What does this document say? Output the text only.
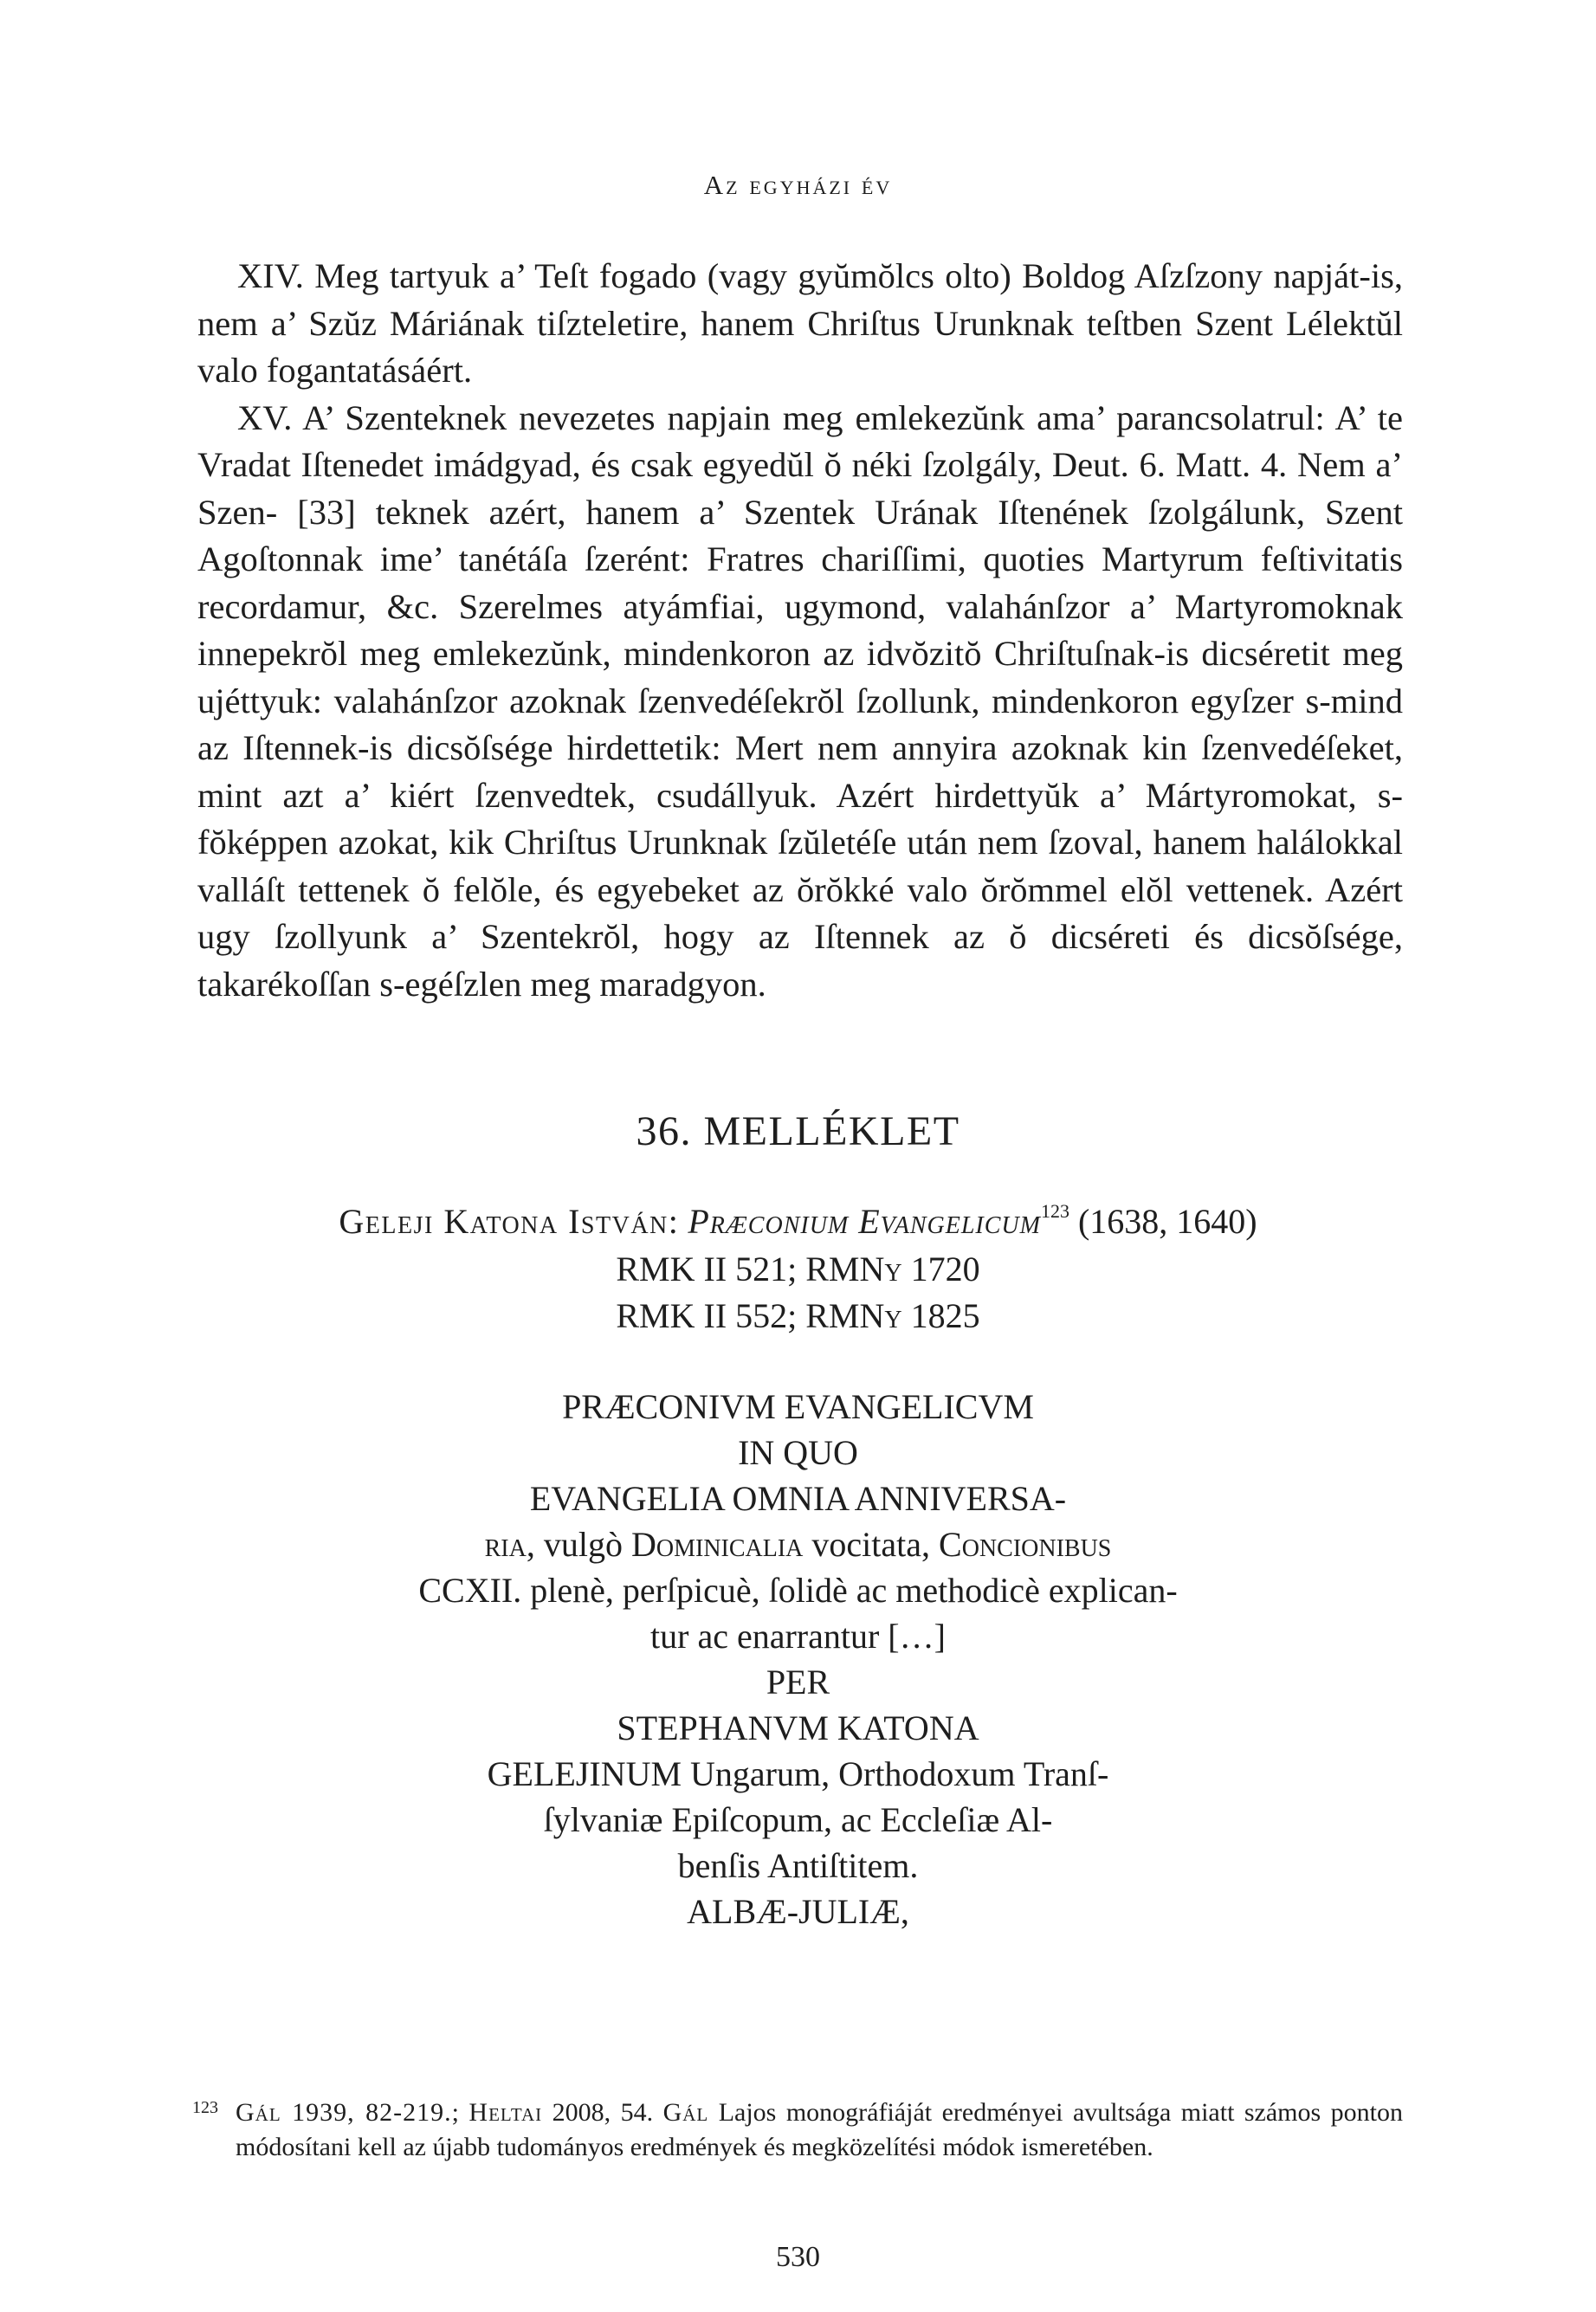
Az egyházi év

XIV. Meg tartyuk a’ Teſt fogado (vagy gyŭmŏlcs olto) Boldog Aſzſzony napját-is, nem a’ Szŭz Máriának tiſzteletire, hanem Chriſtus Urunknak teſtben Szent Lélektŭl valo fogantatásáért.

XV. A’ Szenteknek nevezetes napjain meg emlekezŭnk ama’ parancsolatrul: A’ te Vradat Iſtenedet imádgyad, és csak egyedŭl ŏ néki ſzolgály, Deut. 6. Matt. 4. Nem a’ Szen- [33] teknek azért, hanem a’ Szentek Urának Iſtenének ſzolgálunk, Szent Agoſtonnak ime’ tanétáſa ſzerént: Fratres chariſſimi, quoties Martyrum feſtivitatis recordamur, &c. Szerelmes atyámfiai, ugymond, valahánſzor a’ Martyromoknak innepekrŏl meg emlekezŭnk, mindenkoron az idvŏzitŏ Chriſtuſnak-is dicséretit meg ujéttyuk: valahánſzor azoknak ſzenvedéſekrŏl ſzollunk, mindenkoron egyſzer s-mind az Iſtennek-is dicsŏſsége hirdettetik: Mert nem annyira azoknak kin ſzenvedéſeket, mint azt a’ kiért ſzenvedtek, csudállyuk. Azért hirdettyŭk a’ Mártyromokat, s-fŏképpen azokat, kik Chriſtus Urunknak ſzŭletéſe után nem ſzoval, hanem halálokkal valláſt tettenek ŏ felŏle, és egyebeket az ŏrŏkké valo ŏrŏmmel elŏl vettenek. Azért ugy ſzollyunk a’ Szentekrŏl, hogy az Iſtennek az ŏ dicséreti és dicsŏſsége, takarékoſſan s-egéſzlen meg maradgyon.

36. MELLÉKLET
Geleji Katona István: Præconium Evangelicum$^{123}$ (1638, 1640)
RMK II 521; RMNy 1720
RMK II 552; RMNy 1825
PRÆCONIVM EVANGELICVM
IN QUO
EVANGELIA OMNIA ANNIVERSA-
ria, vulgò Dominicalia vocitata, Concionibus
CCXII. plenè, perſpicuè, ſolidè ac methodicè explican-
tur ac enarrantur […]
PER
STEPHANVM KATONA
GELEJINUM Ungarum, Orthodoxum Tranſ-
ſylvaniæ Epiſcopum, ac Eccleſiæ Al-
benſis Antiſtitem.
ALBÆ-JULIÆ,
123 Gál 1939, 82-219.; Heltai 2008, 54. Gál Lajos monográfiáját eredményei avultsága miatt számos ponton módosítani kell az újabb tudományos eredmények és megközelítési módok ismeretében.
530
